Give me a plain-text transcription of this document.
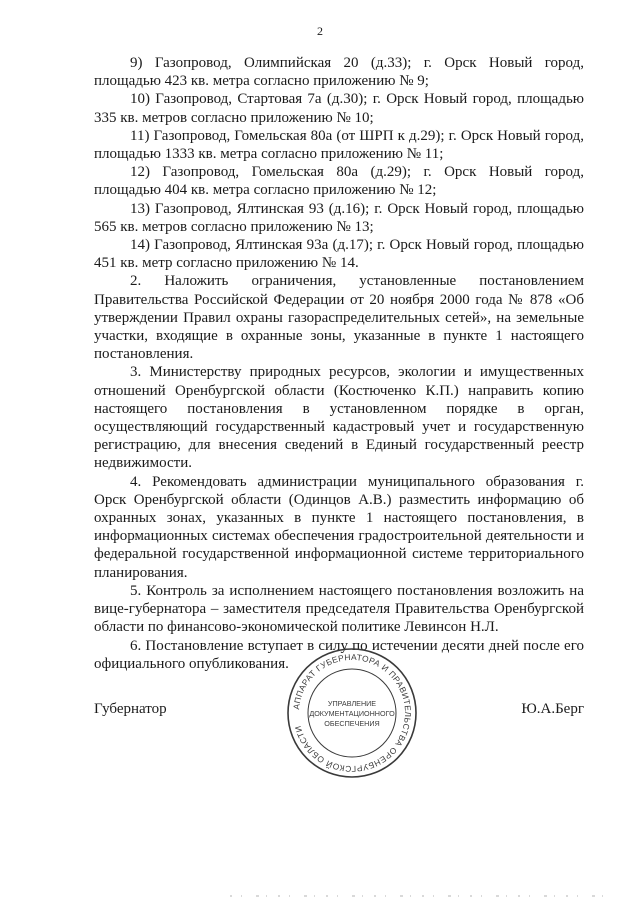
2

9) Газопровод, Олимпийская 20 (д.33); г. Орск Новый город, площадью 423 кв. метра согласно приложению № 9;

10) Газопровод, Стартовая 7а (д.30); г. Орск Новый город, площадью 335 кв. метров согласно приложению № 10;

11) Газопровод, Гомельская 80а (от ШРП к д.29); г. Орск Новый город, площадью 1333 кв. метра согласно приложению № 11;

12) Газопровод, Гомельская 80а (д.29); г. Орск Новый город, площадью 404 кв. метра согласно приложению № 12;

13) Газопровод, Ялтинская 93 (д.16); г. Орск Новый город, площадью 565 кв. метров согласно приложению № 13;

14) Газопровод, Ялтинская 93а (д.17); г. Орск Новый город, площадью 451 кв. метр согласно приложению № 14.

2. Наложить ограничения, установленные постановлением Правительства Российской Федерации от 20 ноября 2000 года № 878 «Об утверждении Правил охраны газораспределительных сетей», на земельные участки, входящие в охранные зоны, указанные в пункте 1 настоящего постановления.

3. Министерству природных ресурсов, экологии и имущественных отношений Оренбургской области (Костюченко К.П.) направить копию настоящего постановления в установленном порядке в орган, осуществляющий государственный кадастровый учет и государственную регистрацию, для внесения сведений в Единый государственный реестр недвижимости.

4. Рекомендовать администрации муниципального образования г. Орск Оренбургской области (Одинцов А.В.) разместить информацию об охранных зонах, указанных в пункте 1 настоящего постановления, в информационных системах обеспечения градостроительной деятельности и федеральной государственной информационной системе территориального планирования.

5. Контроль за исполнением настоящего постановления возложить на вице-губернатора – заместителя председателя Правительства Оренбургской области по финансово-экономической политике Левинсон Н.Л.

6. Постановление вступает в силу по истечении десяти дней после его официального опубликования.

Губернатор	Ю.А.Берг
АППАРАТ ГУБЕРНАТОРА И ПРАВИТЕЛЬСТВА ОРЕНБУРГСКОЙ ОБЛАСТИ
УПРАВЛЕНИЕ
ДОКУМЕНТАЦИОННОГО
ОБЕСПЕЧЕНИЯ
